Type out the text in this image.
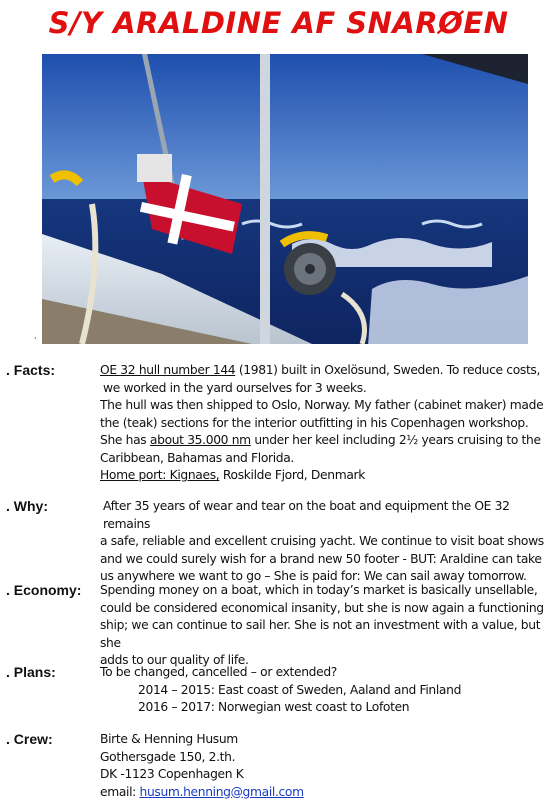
S/Y ARALDINE AF SNARØEN
,
. Facts:	OE 32 hull number 144 (1981) built in Oxelösund, Sweden. To reduce costs,

we worked in the yard ourselves for 3 weeks.

The hull was then shipped to Oslo, Norway. My father (cabinet maker) made

the (teak) sections for the interior outfitting in his Copenhagen workshop.

She has about 35.000 nm under her keel including 2½ years cruising to the

Caribbean, Bahamas and Florida.

Home port: Kignaes, Roskilde Fjord, Denmark

. Why:	After 35 years of wear and tear on the boat and equipment the OE 32 remains

a safe, reliable and excellent cruising yacht. We continue to visit boat shows

and we could surely wish for a brand new 50 footer - BUT: Araldine can take

us anywhere we want to go – She is paid for: We can sail away tomorrow.

. Economy: Spending money on a boat, which in today’s market is basically unsellable,

could be considered economical insanity, but she is now again a functioning

ship; we can continue to sail her. She is not an investment with a value, but she

adds to our quality of life.

. Plans:	To be changed, cancelled – or extended?

2014 – 2015: East coast of Sweden, Aaland and Finland

2016 – 2017: Norwegian west coast to Lofoten

. Crew:	Birte & Henning Husum

Gothersgade 150, 2.th.

DK -1123 Copenhagen K

email: husum.henning@gmail.com
